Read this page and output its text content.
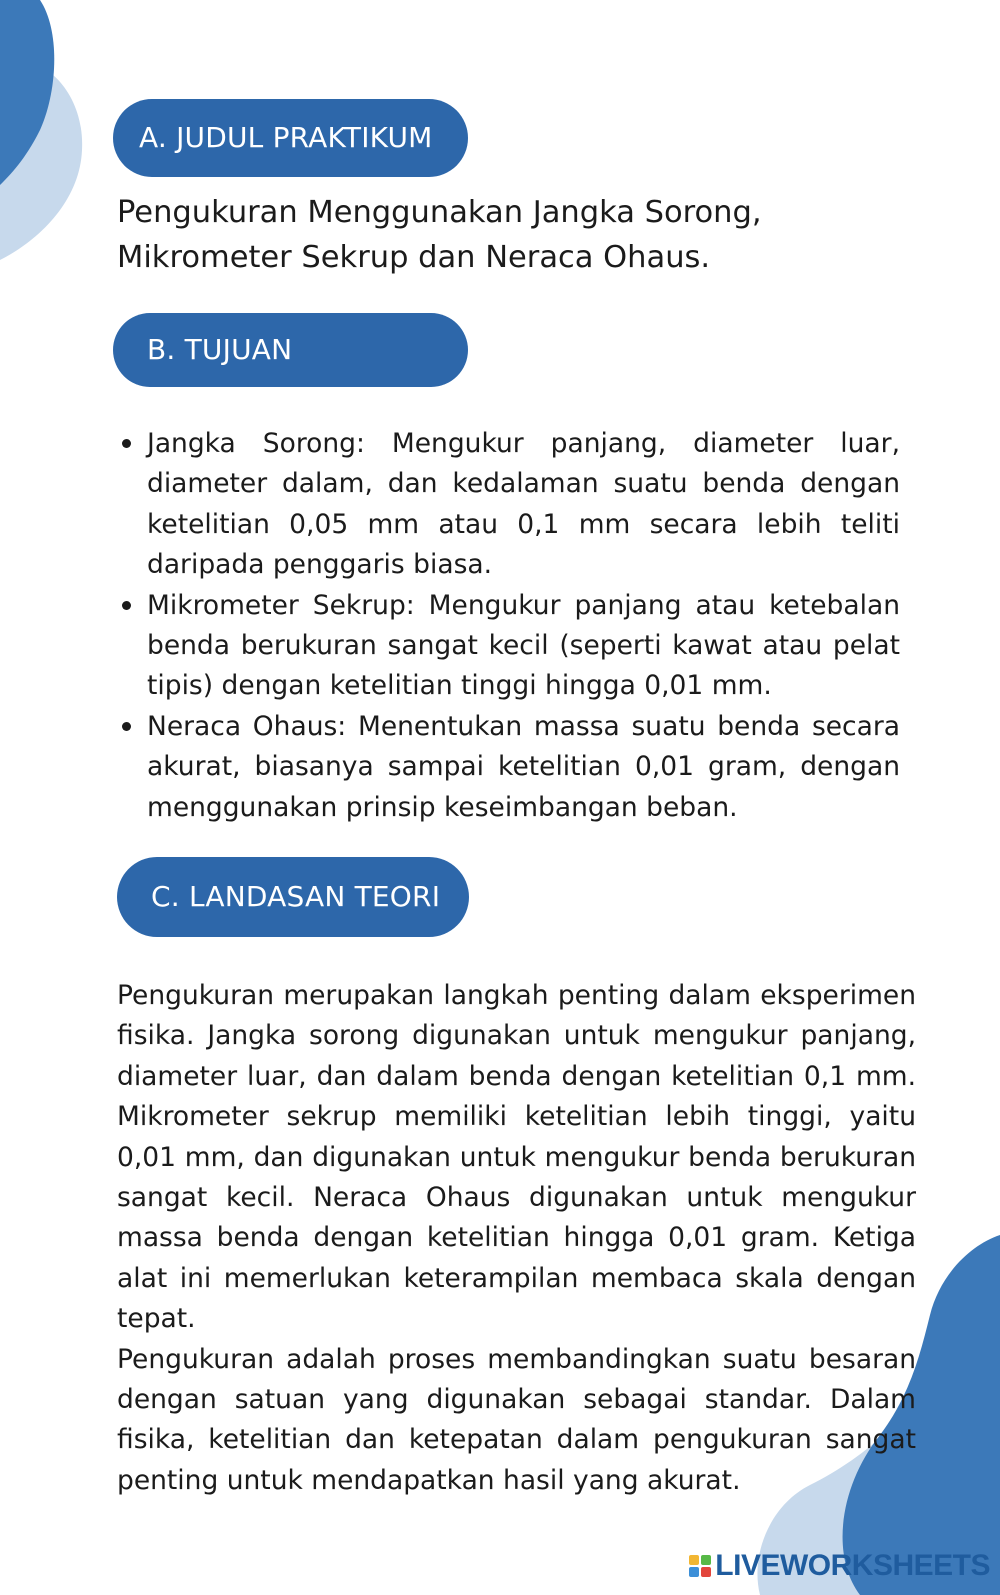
A. JUDUL PRAKTIKUM
Pengukuran Menggunakan Jangka Sorong,
Mikrometer Sekrup dan Neraca Ohaus.
B. TUJUAN
Jangka Sorong: Mengukur panjang, diameter luar, diameter dalam, dan kedalaman suatu benda dengan ketelitian 0,05 mm atau 0,1 mm secara lebih teliti daripada penggaris biasa.
Mikrometer Sekrup: Mengukur panjang atau ketebalan benda berukuran sangat kecil (seperti kawat atau pelat tipis) dengan ketelitian tinggi hingga 0,01 mm.
Neraca Ohaus: Menentukan massa suatu benda secara akurat, biasanya sampai ketelitian 0,01 gram, dengan menggunakan prinsip keseimbangan beban.
C. LANDASAN TEORI

Pengukuran merupakan langkah penting dalam eksperimen fisika. Jangka sorong digunakan untuk mengukur panjang, diameter luar, dan dalam benda dengan ketelitian 0,1 mm. Mikrometer sekrup memiliki ketelitian lebih tinggi, yaitu 0,01 mm, dan digunakan untuk mengukur benda berukuran sangat kecil. Neraca Ohaus digunakan untuk mengukur massa benda dengan ketelitian hingga 0,01 gram. Ketiga alat ini memerlukan keterampilan membaca skala dengan tepat.

Pengukuran adalah proses membandingkan suatu besaran dengan satuan yang digunakan sebagai standar. Dalam fisika, ketelitian dan ketepatan dalam pengukuran sangat penting untuk mendapatkan hasil yang akurat.

LIVEWORKSHEETS
